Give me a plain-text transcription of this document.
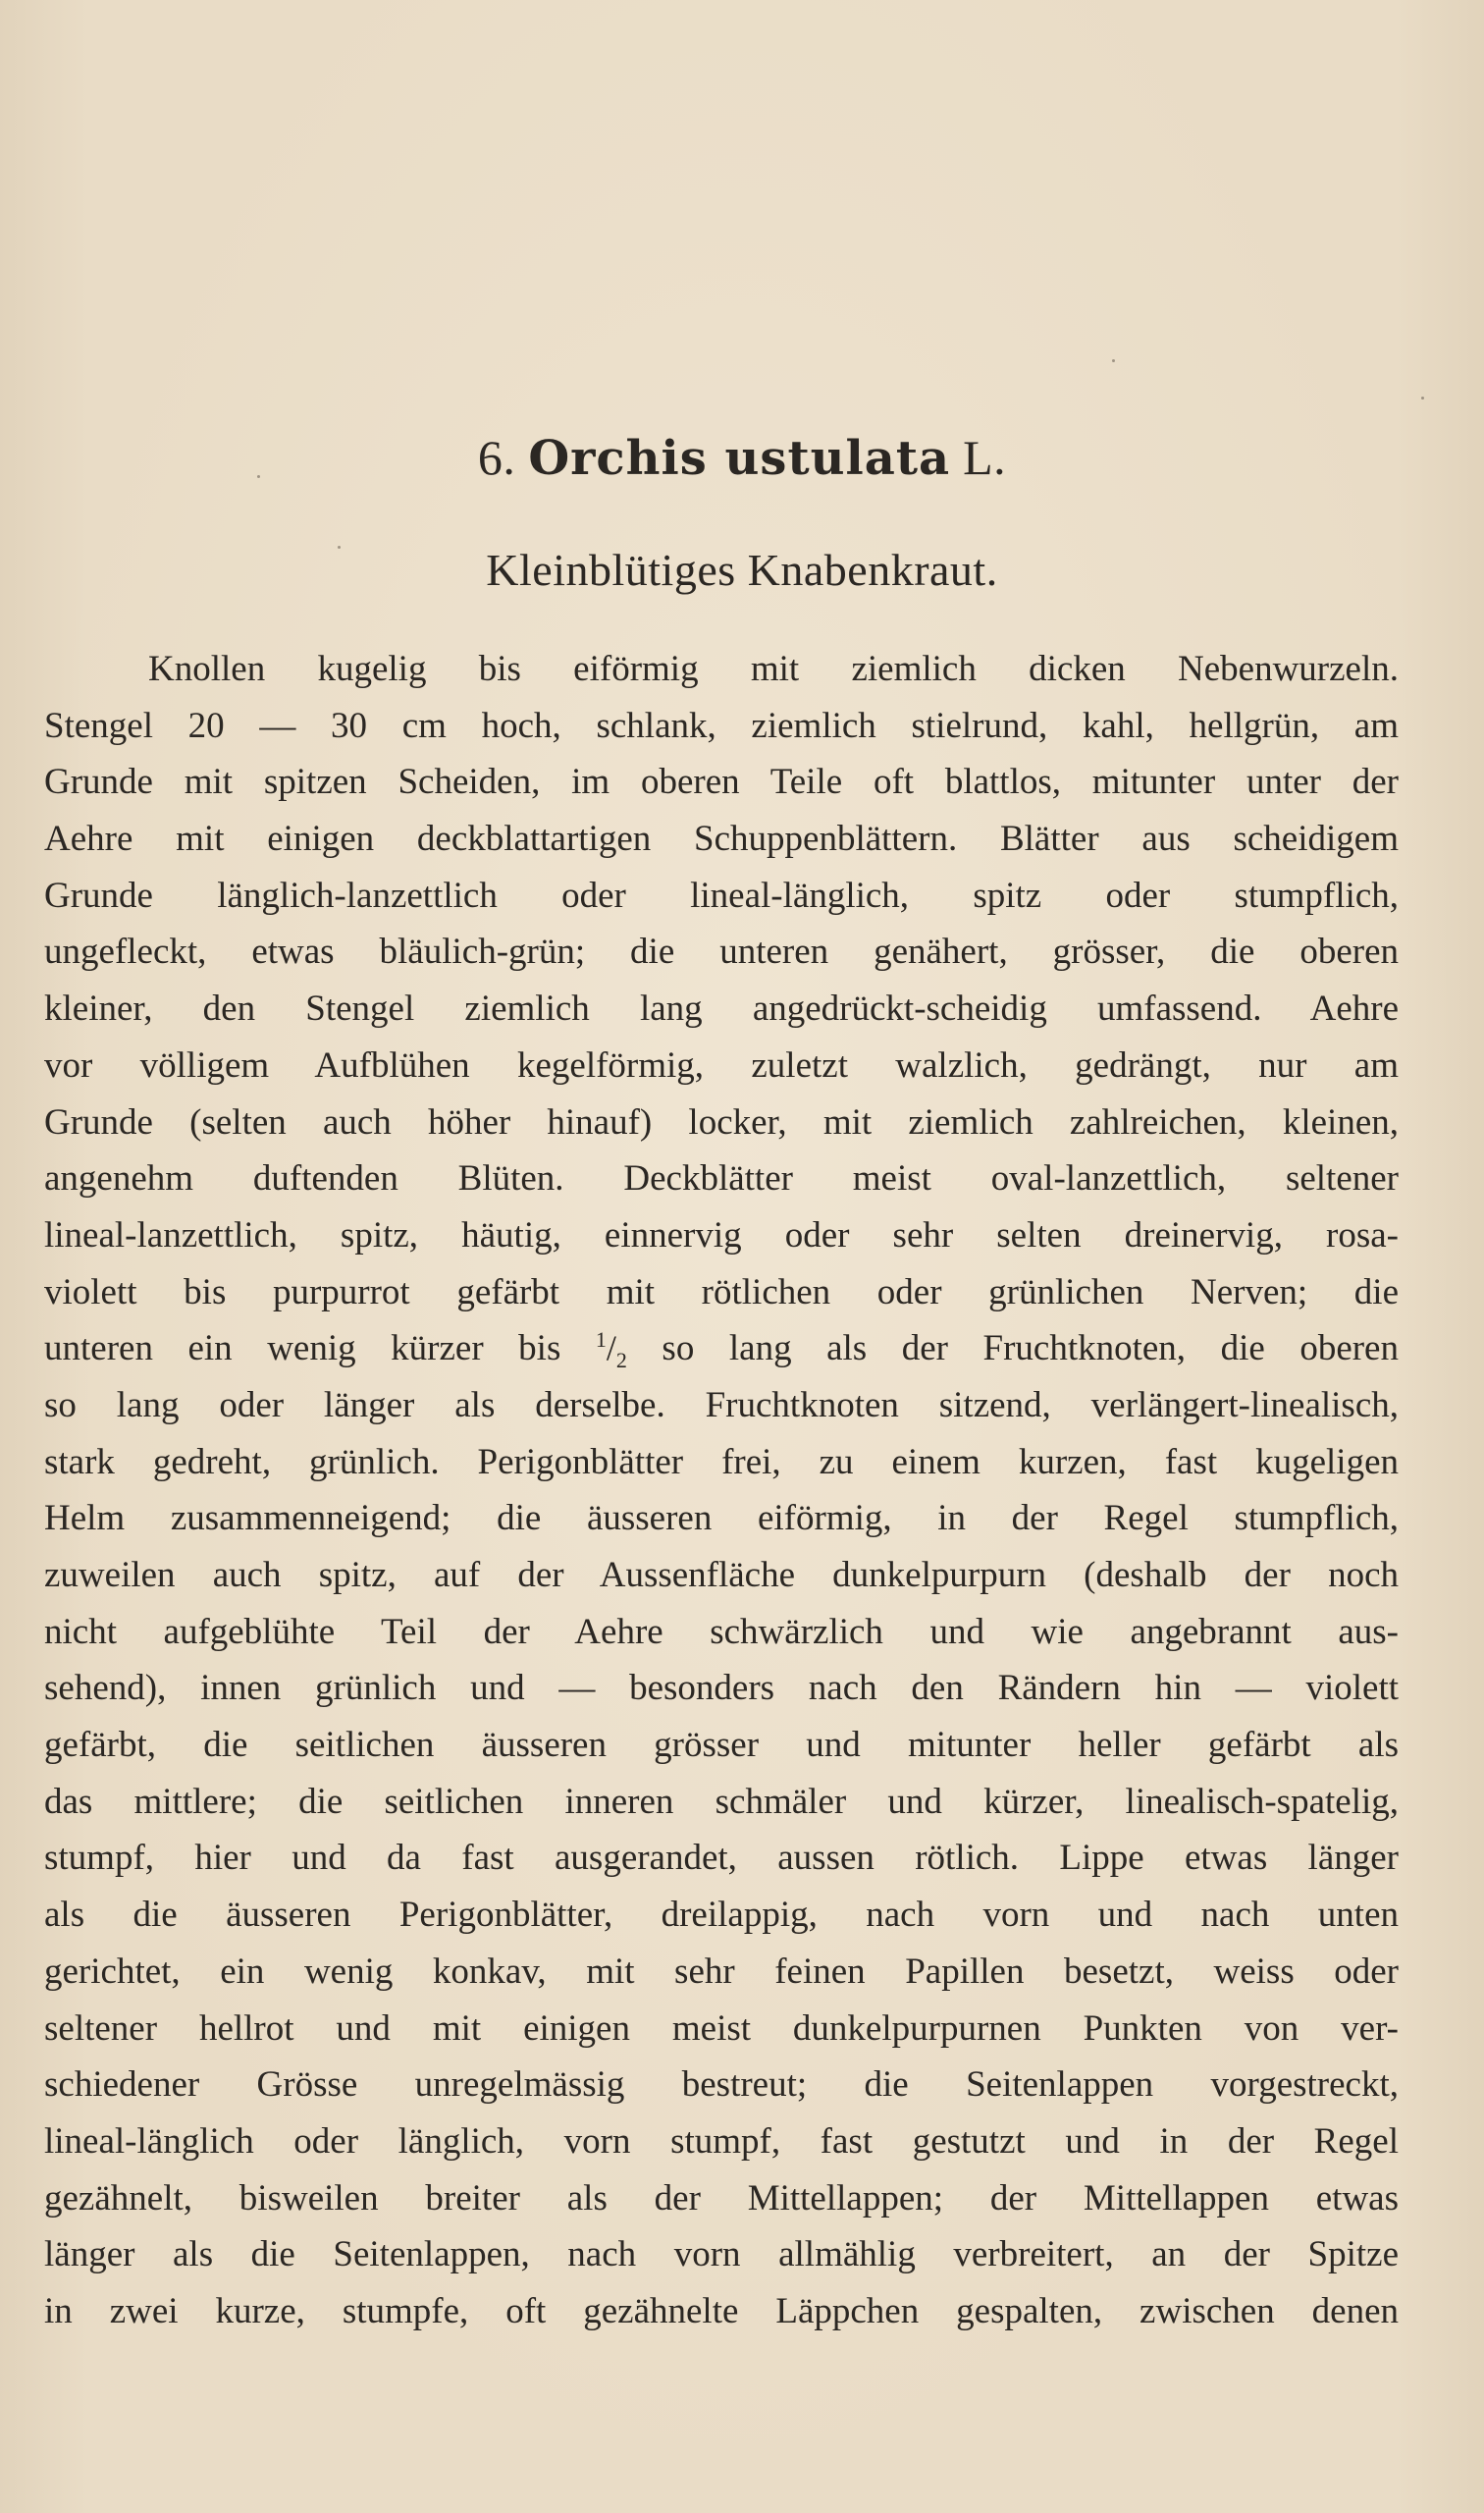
6. Orchis ustulata L.
Kleinblütiges Knabenkraut.
Knollen kugelig bis eiförmig mit ziemlich dicken Nebenwurzeln.
Stengel 20 — 30 cm hoch, schlank, ziemlich stielrund, kahl, hellgrün, am
Grunde mit spitzen Scheiden, im oberen Teile oft blattlos, mitunter unter der
Aehre mit einigen deckblattartigen Schuppenblättern. Blätter aus scheidigem
Grunde länglich-lanzettlich oder lineal-länglich, spitz oder stumpflich,
ungefleckt, etwas bläulich-grün; die unteren genähert, grösser, die oberen
kleiner, den Stengel ziemlich lang angedrückt-scheidig umfassend. Aehre
vor völligem Aufblühen kegelförmig, zuletzt walzlich, gedrängt, nur am
Grunde (selten auch höher hinauf) locker, mit ziemlich zahlreichen, kleinen,
angenehm duftenden Blüten. Deckblätter meist oval-lanzettlich, seltener
lineal-lanzettlich, spitz, häutig, einnervig oder sehr selten dreinervig, rosa-
violett bis purpurrot gefärbt mit rötlichen oder grünlichen Nerven; die
unteren ein wenig kürzer bis $^1/_2$ so lang als der Fruchtknoten, die oberen
so lang oder länger als derselbe. Fruchtknoten sitzend, verlängert-linealisch,
stark gedreht, grünlich. Perigonblätter frei, zu einem kurzen, fast kugeligen
Helm zusammenneigend; die äusseren eiförmig, in der Regel stumpflich,
zuweilen auch spitz, auf der Aussenfläche dunkelpurpurn (deshalb der noch
nicht aufgeblühte Teil der Aehre schwärzlich und wie angebrannt aus-
sehend), innen grünlich und — besonders nach den Rändern hin — violett
gefärbt, die seitlichen äusseren grösser und mitunter heller gefärbt als
das mittlere; die seitlichen inneren schmäler und kürzer, linealisch-spatelig,
stumpf, hier und da fast ausgerandet, aussen rötlich. Lippe etwas länger
als die äusseren Perigonblätter, dreilappig, nach vorn und nach unten
gerichtet, ein wenig konkav, mit sehr feinen Papillen besetzt, weiss oder
seltener hellrot und mit einigen meist dunkelpurpurnen Punkten von ver-
schiedener Grösse unregelmässig bestreut; die Seitenlappen vorgestreckt,
lineal-länglich oder länglich, vorn stumpf, fast gestutzt und in der Regel
gezähnelt, bisweilen breiter als der Mittellappen; der Mittellappen etwas
länger als die Seitenlappen, nach vorn allmählig verbreitert, an der Spitze
in zwei kurze, stumpfe, oft gezähnelte Läppchen gespalten, zwischen denen
